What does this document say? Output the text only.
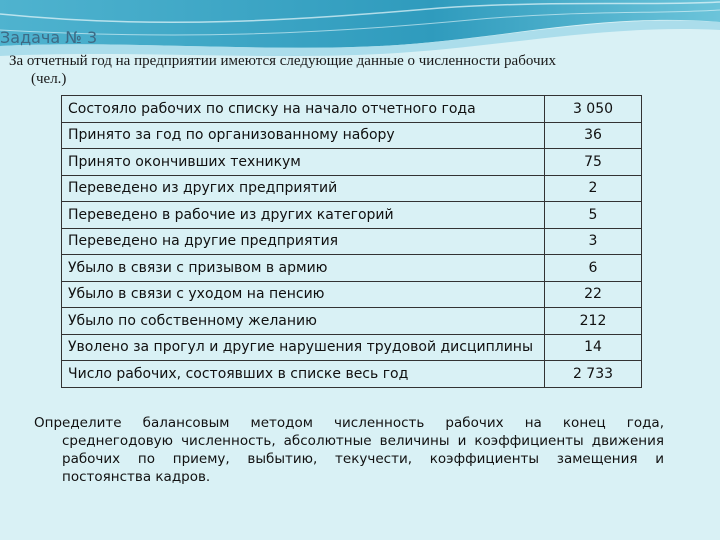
Задача № 3

За отчетный год на предприятии имеются следующие данные о численности рабочих
(чел.)

Состояло рабочих по списку на начало отчетного года	3 050
Принято за год по организованному набору	36
Принято окончивших техникум	75
Переведено из других предприятий	2
Переведено в рабочие из других категорий	5
Переведено на другие предприятия	3
Убыло в связи с призывом в армию	6
Убыло в связи с уходом на пенсию	22
Убыло по собственному желанию	212
Уволено за прогул и другие нарушения трудовой дисциплины	14
Число рабочих, состоявших в списке весь год	2 733

Определите балансовым методом численность рабочих на конец года,
среднегодовую численность, абсолютные величины и коэффициенты движения
рабочих по приему, выбытию, текучести, коэффициенты замещения и
постоянства кадров.
